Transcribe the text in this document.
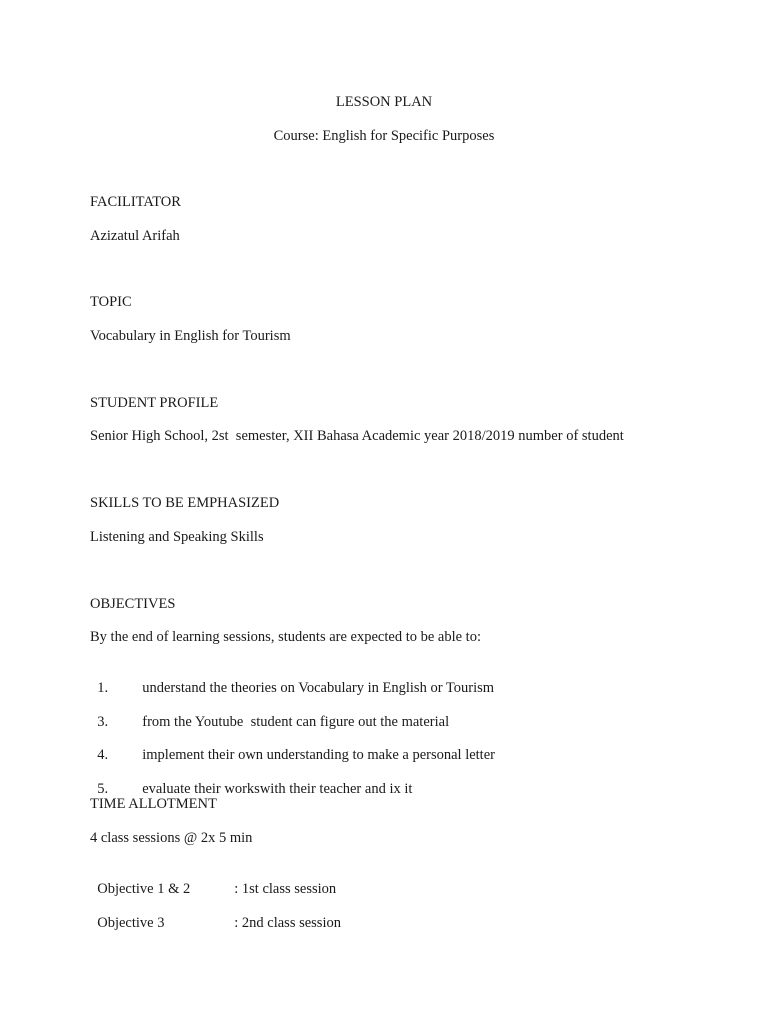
LESSON PLAN
Course: English for Specific Purposes
FACILITATOR
Azizatul Arifah
TOPIC
Vocabulary in English for Tourism
STUDENT PROFILE
Senior High School, 2st  semester, XII Bahasa Academic year 2018/2019 number of student
SKILLS TO BE EMPHASIZED
Listening and Speaking Skills
OBJECTIVES
By the end of learning sessions, students are expected to be able to:

1. understand the theories on Vocabulary in English or Tourism

3. from the Youtube  student can figure out the material

4. implement their own understanding to make a personal letter

5. evaluate their workswith their teacher and ix it

TIME ALLOTMENT
4 class sessions @ 2x 5 min

Objective 1 & 2	: 1st class session

Objective 3	: 2nd class session
